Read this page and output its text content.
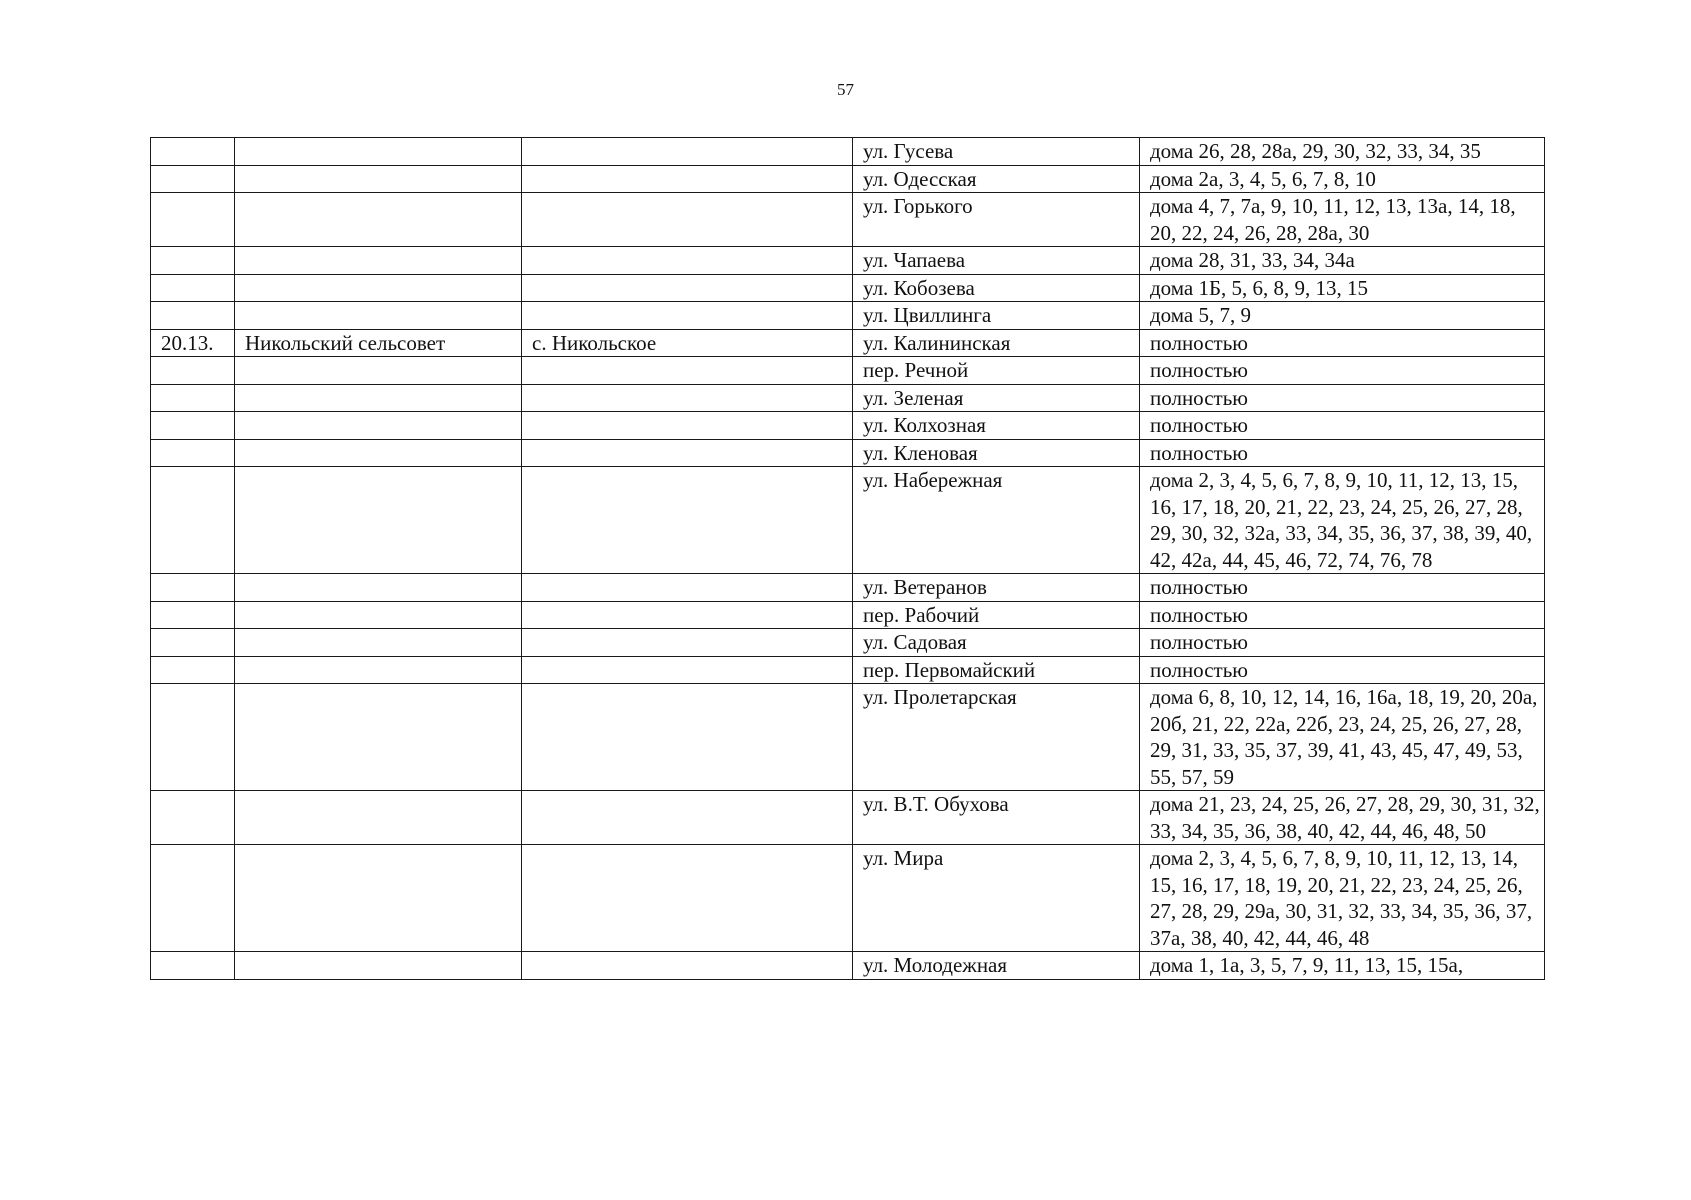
57
			ул. Гусева	дома 26, 28, 28а, 29, 30, 32, 33, 34, 35
			ул. Одесская	дома 2а, 3, 4, 5, 6, 7, 8, 10
			ул. Горького	дома 4, 7, 7а, 9, 10, 11, 12, 13, 13а, 14, 18, 20, 22, 24, 26, 28, 28а, 30
			ул. Чапаева	дома 28, 31, 33, 34, 34а
			ул. Кобозева	дома 1Б, 5, 6, 8, 9, 13, 15
			ул. Цвиллинга	дома 5, 7, 9
20.13.	Никольский сельсовет	с. Никольское	ул. Калининская	полностью
			пер. Речной	полностью
			ул. Зеленая	полностью
			ул. Колхозная	полностью
			ул. Кленовая	полностью
			ул. Набережная	дома 2, 3, 4, 5, 6, 7, 8, 9, 10, 11, 12, 13, 15, 16, 17, 18, 20, 21, 22, 23, 24, 25, 26, 27, 28, 29, 30, 32, 32а, 33, 34, 35, 36, 37, 38, 39, 40, 42, 42а, 44, 45, 46, 72, 74, 76, 78
			ул. Ветеранов	полностью
			пер. Рабочий	полностью
			ул. Садовая	полностью
			пер. Первомайский	полностью
			ул. Пролетарская	дома 6, 8, 10, 12, 14, 16, 16а, 18, 19, 20, 20а, 20б, 21, 22, 22а, 22б, 23, 24, 25, 26, 27, 28, 29, 31, 33, 35, 37, 39, 41, 43, 45, 47, 49, 53, 55, 57, 59
			ул. В.Т. Обухова	дома 21, 23, 24, 25, 26, 27, 28, 29, 30, 31, 32, 33, 34, 35, 36, 38, 40, 42, 44, 46, 48, 50
			ул. Мира	дома 2, 3, 4, 5, 6, 7, 8, 9, 10, 11, 12, 13, 14, 15, 16, 17, 18, 19, 20, 21, 22, 23, 24, 25, 26, 27, 28, 29, 29а, 30, 31, 32, 33, 34, 35, 36, 37, 37а, 38, 40, 42, 44, 46, 48
			ул. Молодежная	дома 1, 1а, 3, 5, 7, 9, 11, 13, 15, 15а,
